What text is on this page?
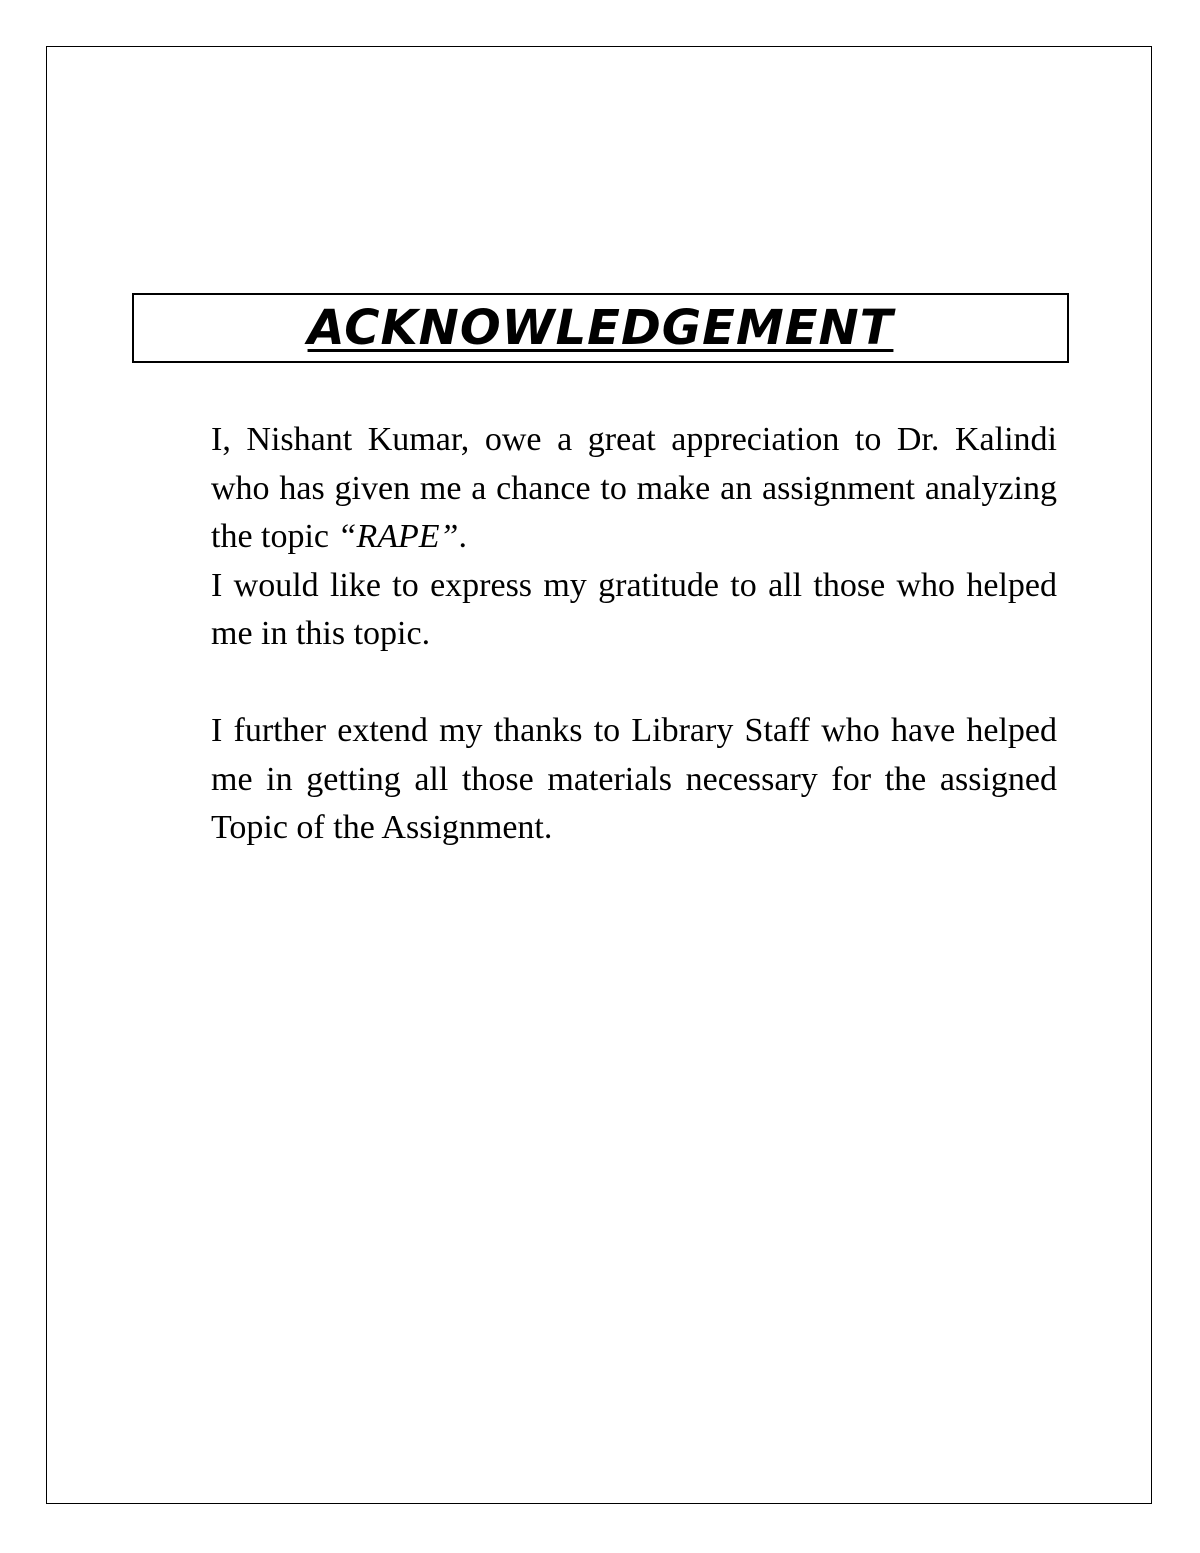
ACKNOWLEDGEMENT

I, Nishant Kumar, owe a great appreciation to Dr. Kalindi who has given me a chance to make an assignment analyzing the topic “RAPE”.

I would like to express my gratitude to all those who helped me in this topic.

I further extend my thanks to Library Staff who have helped me in getting all those materials necessary for the assigned Topic of the Assignment.
